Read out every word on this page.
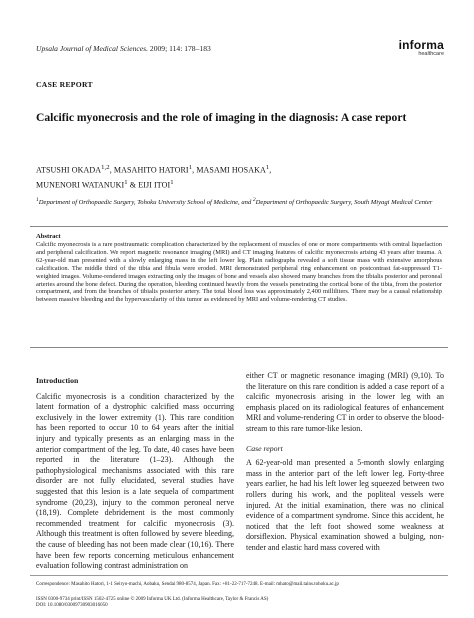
Upsala Journal of Medical Sciences. 2009; 114: 178–183	informa
healthcare
CASE REPORT
Calcific myonecrosis and the role of imaging in the diagnosis: A case report
ATSUSHI OKADA$^{1,2}$, MASAHITO HATORI$^1$, MASAMI HOSAKA$^1$,
MUNENORI WATANUKI$^1$ & EIJI ITOI$^1$
$^1$Department of Orthopaedic Surgery, Tohoku University School of Medicine, and $^2$Department of Orthopaedic Surgery, South Miyagi Medical Center
Abstract
Calcific myonecrosis is a rare posttraumatic complication characterized by the replacement of muscles of one or more compartments with central liquefaction and peripheral calcification. We report magnetic resonance imaging (MRI) and CT imaging features of calcific myonecrosis arising 43 years after trauma. A 62-year-old man presented with a slowly enlarging mass in the left lower leg. Plain radiographs revealed a soft tissue mass with extensive amorphous calcification. The middle third of the tibia and fibula were eroded. MRI demonstrated peripheral ring enhancement on postcontrast fat-suppressed T1-weighted images. Volume-rendered images extracting only the images of bone and vessels also showed many branches from the tibialis posterior and peroneal arteries around the bone defect. During the operation, bleeding continued heavily from the vessels penetrating the cortical bone of the tibia, from the posterior compartment, and from the branches of tibialis posterior artery. The total blood loss was approximately 2,400 milliliters. There may be a causal relationship between massive bleeding and the hypervascularity of this tumor as evidenced by MRI and volume-rendering CT studies.
Introduction
Calcific myonecrosis is a condition characterized by the latent formation of a dystrophic calcified mass occurring exclusively in the lower extremity (1). This rare condition has been reported to occur 10 to 64 years after the initial injury and typically presents as an enlarging mass in the anterior compartment of the leg. To date, 40 cases have been reported in the literature (1–23). Although the pathophysiological mechanisms associated with this rare disorder are not fully elucidated, several studies have suggested that this lesion is a late sequela of compartment syndrome (20,23), injury to the common peroneal nerve (18,19). Complete debridement is the most commonly recommended treatment for calcific myonecrosis (3). Although this treatment is often followed by severe bleeding, the cause of bleeding has not been made clear (10,16). There have been few reports concerning meticulous enhancement evaluation following contrast administration on
either CT or magnetic resonance imaging (MRI) (9,10). To the literature on this rare condition is added a case report of a calcific myonecrosis arising in the lower leg with an emphasis placed on its radiological features of enhancement MRI and volume-rendering CT in order to observe the blood-stream to this rare tumor-like lesion.
Case report
A 62-year-old man presented a 5-month slowly enlarging mass in the anterior part of the left lower leg. Forty-three years earlier, he had his left lower leg squeezed between two rollers during his work, and the popliteal vessels were injured. At the initial examination, there was no clinical evidence of a compartment syndrome. Since this accident, he noticed that the left foot showed some weakness at dorsiflexion. Physical examination showed a bulging, non-tender and elastic hard mass covered with
Correspondence: Masahito Hatori, 1-1 Seiryo-machi, Aobaku, Sendai 980-8574, Japan. Fax: +81-22-717-7248. E-mail: mhato@mail.tains.tohoku.ac.jp
ISSN 0300-9734 print/ISSN 1502-4725 online © 2009 Informa UK Ltd. (Informa Healthcare, Taylor & Francis AS)
DOI: 10.1080/03009730903016050
